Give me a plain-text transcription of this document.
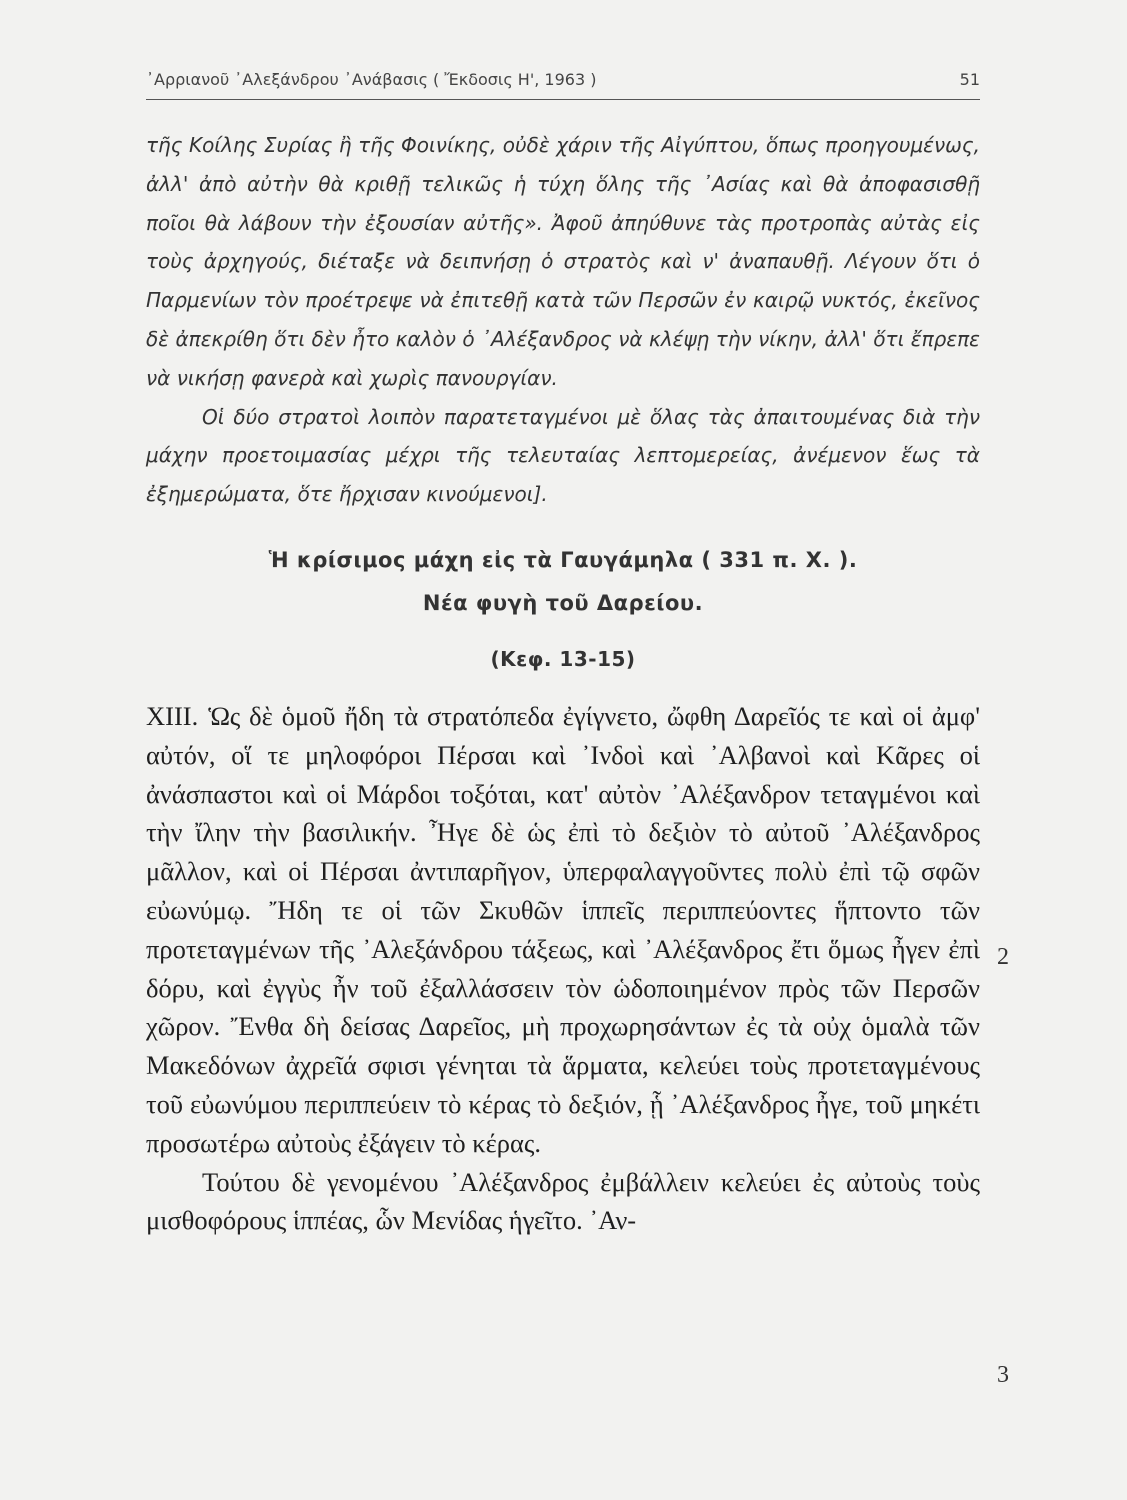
᾿Αρριανοῦ ᾿Αλεξάνδρου ᾿Ανάβασις ( Ἔκδοσις Η', 1963 )	51

τῆς Κοίλης Συρίας ἢ τῆς Φοινίκης, οὐδὲ χάριν τῆς Αἰγύπτου, ὅπως προηγουμένως, ἀλλ' ἀπὸ αὐτὴν θὰ κριθῇ τελικῶς ἡ τύχη ὅλης τῆς ᾿Ασίας καὶ θὰ ἀποφασισθῇ ποῖοι θὰ λάβουν τὴν ἐξουσίαν αὐτῆς». Ἀφοῦ ἀπηύθυνε τὰς προτροπὰς αὐτὰς εἰς τοὺς ἀρχηγούς, διέταξε νὰ δειπνήσῃ ὁ στρατὸς καὶ ν' ἀναπαυθῇ. Λέγουν ὅτι ὁ Παρμενίων τὸν προέτρεψε νὰ ἐπιτεθῇ κατὰ τῶν Περσῶν ἐν καιρῷ νυκτός, ἐκεῖνος δὲ ἀπεκρίθη ὅτι δὲν ἦτο καλὸν ὁ ᾿Αλέξανδρος νὰ κλέψῃ τὴν νίκην, ἀλλ' ὅτι ἔπρεπε νὰ νικήσῃ φανερὰ καὶ χωρὶς πανουργίαν.

Οἱ δύο στρατοὶ λοιπὸν παρατεταγμένοι μὲ ὅλας τὰς ἀπαιτουμένας διὰ τὴν μάχην προετοιμασίας μέχρι τῆς τελευταίας λεπτομερείας, ἀνέμενον ἕως τὰ ἐξημερώματα, ὅτε ἤρχισαν κινούμενοι].

Ἡ κρίσιμος μάχη εἰς τὰ Γαυγάμηλα ( 331 π. Χ. ).
Νέα φυγὴ τοῦ Δαρείου.
(Κεφ. 13-15)

XIII. Ὡς δὲ ὁμοῦ ἤδη τὰ στρατόπεδα ἐγίγνετο, ὤφθη Δαρεῖός τε καὶ οἱ ἀμφ' αὐτόν, οἵ τε μηλοφόροι Πέρσαι καὶ ᾿Ινδοὶ καὶ ᾿Αλβανοὶ καὶ Κᾶρες οἱ ἀνάσπαστοι καὶ οἱ Μάρδοι τοξόται, κατ' αὐτὸν ᾿Αλέξανδρον τεταγμένοι καὶ τὴν ἴλην τὴν βασιλικήν. Ἦγε δὲ ὡς ἐπὶ τὸ δεξιὸν τὸ αὐτοῦ ᾿Αλέξανδρος μᾶλλον, καὶ οἱ Πέρσαι ἀντιπαρῆγον, ὑπερφαλαγγοῦντες πολὺ ἐπὶ τῷ σφῶν εὐωνύμῳ. Ἤδη τε οἱ τῶν Σκυθῶν ἱππεῖς περιππεύοντες ἥπτοντο τῶν προτεταγμένων τῆς ᾿Αλεξάνδρου τάξεως, καὶ ᾿Αλέξανδρος ἔτι ὅμως ἦγεν ἐπὶ δόρυ, καὶ ἐγγὺς ἦν τοῦ ἐξαλλάσσειν τὸν ὡδοποιημένον πρὸς τῶν Περσῶν χῶρον. Ἔνθα δὴ δείσας Δαρεῖος, μὴ προχωρησάντων ἐς τὰ οὐχ ὁμαλὰ τῶν Μακεδόνων ἀχρεῖά σφισι γένηται τὰ ἅρματα, κελεύει τοὺς προτεταγμένους τοῦ εὐωνύμου περιππεύειν τὸ κέρας τὸ δεξιόν, ᾗ ᾿Αλέξανδρος ἦγε, τοῦ μηκέτι προσωτέρω αὐτοὺς ἐξάγειν τὸ κέρας.

Τούτου δὲ γενομένου ᾿Αλέξανδρος ἐμβάλλειν κελεύει ἐς αὐτοὺς τοὺς μισθοφόρους ἱππέας, ὧν Μενίδας ἡγεῖτο. ᾿Αν-

2
3
